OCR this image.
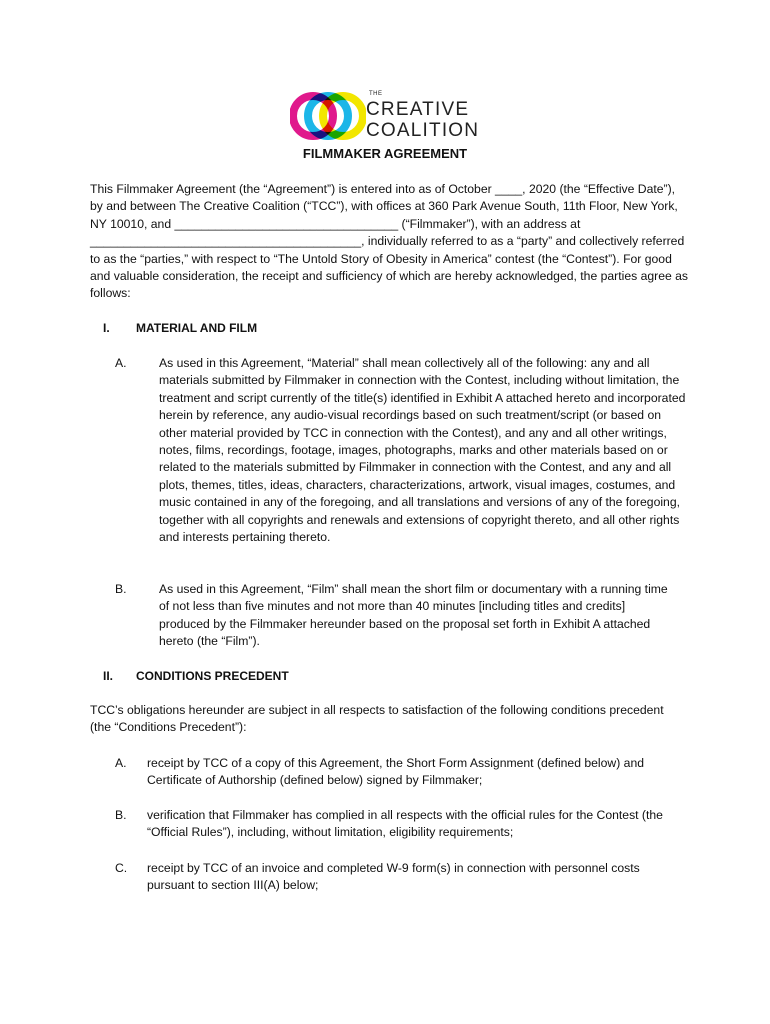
THE
CREATIVE
COALITION
FILMMAKER AGREEMENT

This Filmmaker Agreement (the “Agreement”) is entered into as of October ____, 2020 (the “Effective Date”), by and between The Creative Coalition (“TCC”), with offices at 360 Park Avenue South, 11th Floor, New York, NY 10010, and _________________________________ (“Filmmaker”), with an address at ________________________________________, individually referred to as a “party” and collectively referred to as the “parties,” with respect to “The Untold Story of Obesity in America” contest (the “Contest”). For good and valuable consideration, the receipt and sufficiency of which are hereby acknowledged, the parties agree as follows:

I. MATERIAL AND FILM
A.	As used in this Agreement, “Material” shall mean collectively all of the following: any and all materials submitted by Filmmaker in connection with the Contest, including without limitation, the treatment and script currently of the title(s) identified in Exhibit A attached hereto and incorporated herein by reference, any audio-visual recordings based on such treatment/script (or based on other material provided by TCC in connection with the Contest), and any and all other writings, notes, films, recordings, footage, images, photographs, marks and other materials based on or related to the materials submitted by Filmmaker in connection with the Contest, and any and all plots, themes, titles, ideas, characters, characterizations, artwork, visual images, costumes, and music contained in any of the foregoing, and all translations and versions of any of the foregoing, together with all copyrights and renewals and extensions of copyright thereto, and all other rights and interests pertaining thereto.

B.	As used in this Agreement, “Film” shall mean the short film or documentary with a running time of not less than five minutes and not more than 40 minutes [including titles and credits] produced by the Filmmaker hereunder based on the proposal set forth in Exhibit A attached hereto (the “Film”).

II. CONDITIONS PRECEDENT

TCC’s obligations hereunder are subject in all respects to satisfaction of the following conditions precedent (the “Conditions Precedent”):

A. receipt by TCC of a copy of this Agreement, the Short Form Assignment (defined below) and Certificate of Authorship (defined below) signed by Filmmaker;

B. verification that Filmmaker has complied in all respects with the official rules for the Contest (the “Official Rules”), including, without limitation, eligibility requirements;

C. receipt by TCC of an invoice and completed W-9 form(s) in connection with personnel costs pursuant to section III(A) below;
